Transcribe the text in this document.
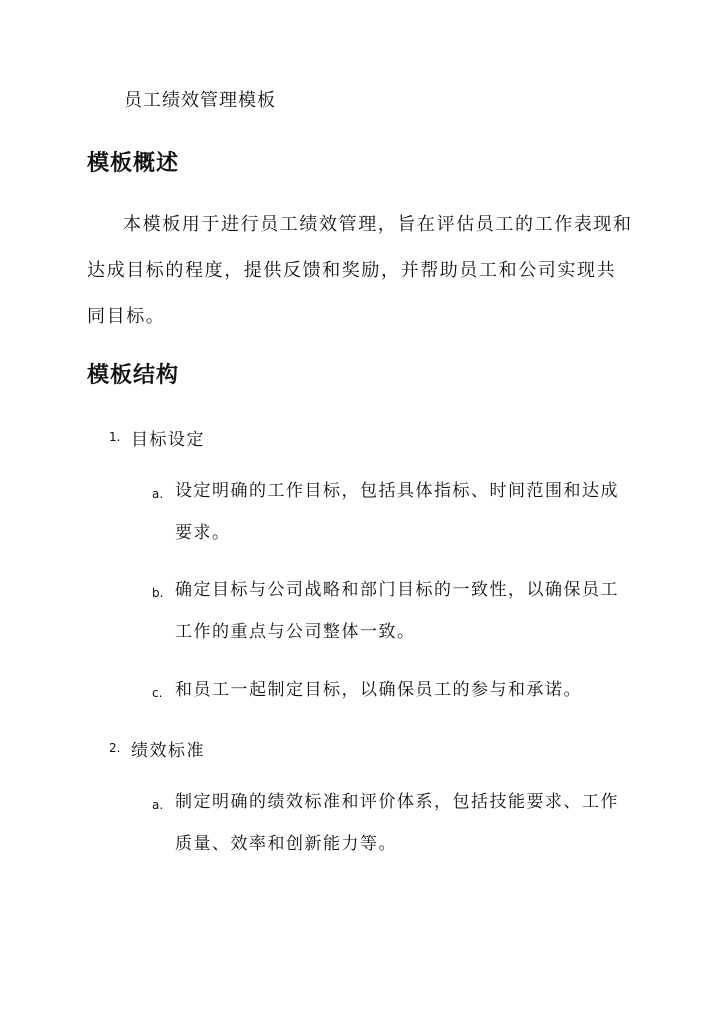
员工绩效管理模板
模板概述

本模板用于进行员工绩效管理，旨在评估员工的工作表现和达成目标的程度，提供反馈和奖励，并帮助员工和公司实现共同目标。

模板结构
1. 目标设定
a. 设定明确的工作目标，包括具体指标、时间范围和达成要求。

b. 确定目标与公司战略和部门目标的一致性，以确保员工工作的重点与公司整体一致。

c. 和员工一起制定目标，以确保员工的参与和承诺。

2. 绩效标准
a. 制定明确的绩效标准和评价体系，包括技能要求、工作质量、效率和创新能力等。
